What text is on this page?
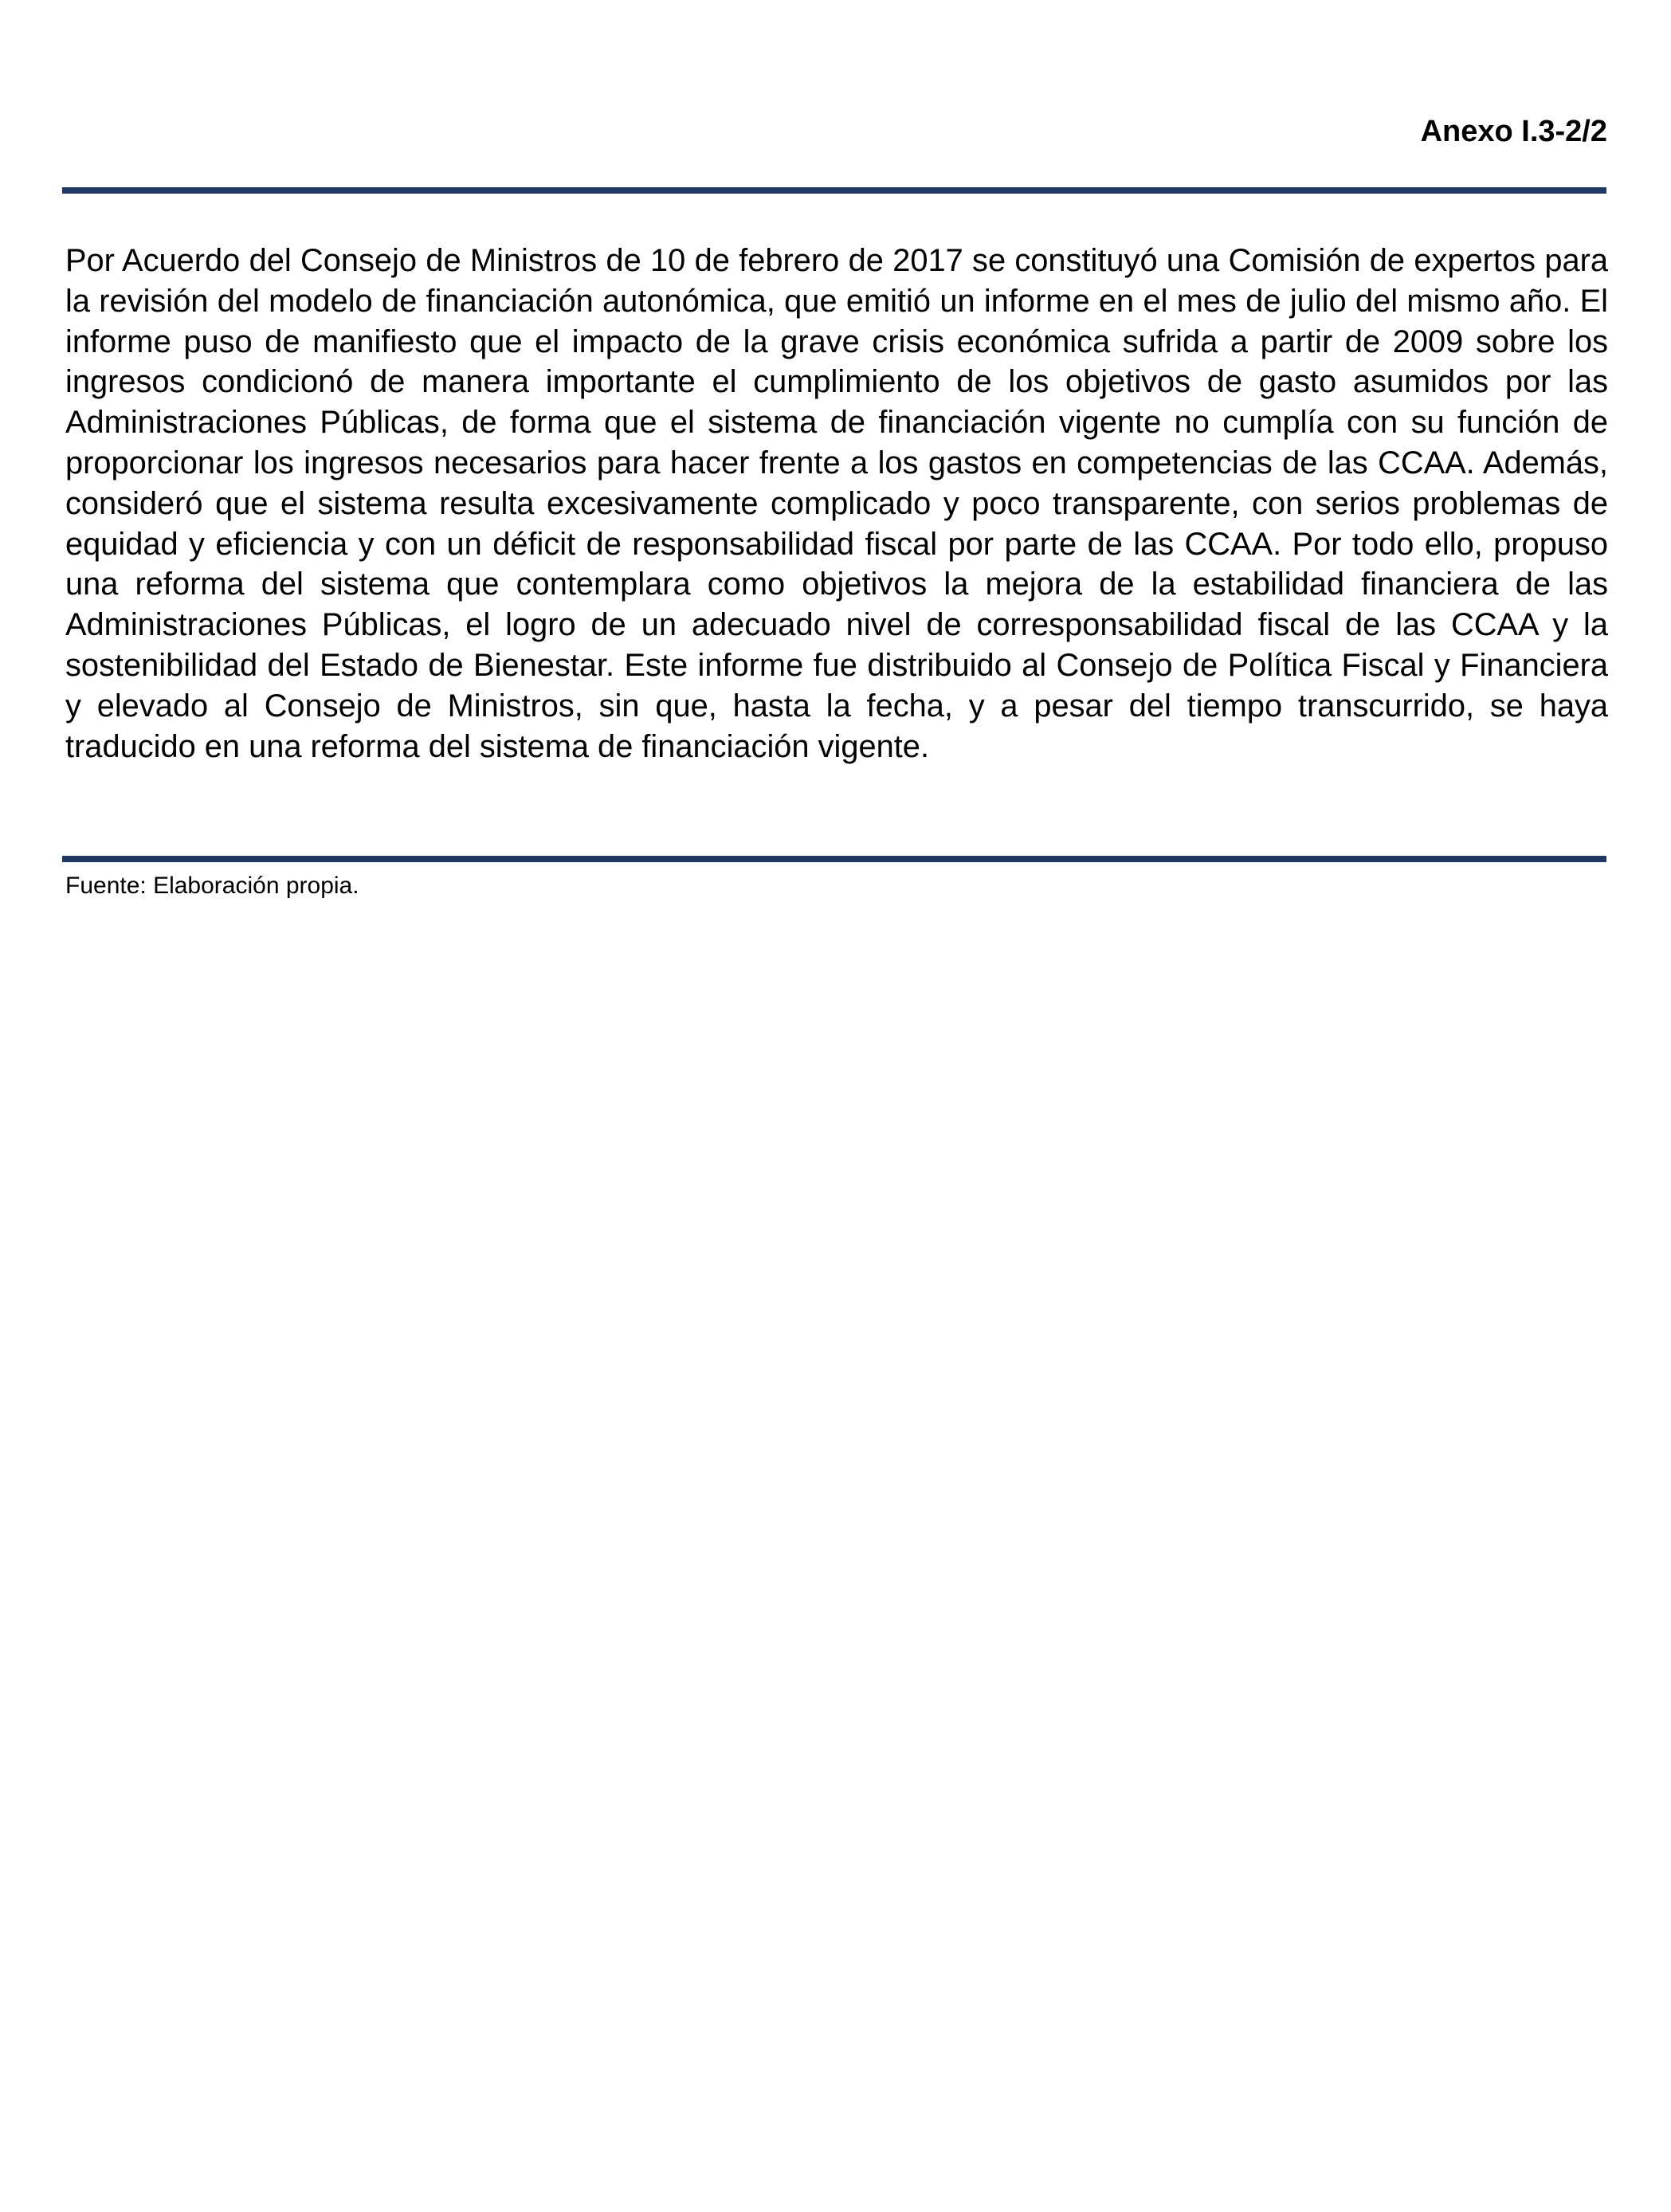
Anexo I.3-2/2

Por Acuerdo del Consejo de Ministros de 10 de febrero de 2017 se constituyó una Comisión de expertos para la revisión del modelo de financiación autonómica, que emitió un informe en el mes de julio del mismo año. El informe puso de manifiesto que el impacto de la grave crisis económica sufrida a partir de 2009 sobre los ingresos condicionó de manera importante el cumplimiento de los objetivos de gasto asumidos por las Administraciones Públicas, de forma que el sistema de financiación vigente no cumplía con su función de proporcionar los ingresos necesarios para hacer frente a los gastos en competencias de las CCAA. Además, consideró que el sistema resulta excesivamente complicado y poco transparente, con serios problemas de equidad y eficiencia y con un déficit de responsabilidad fiscal por parte de las CCAA. Por todo ello, propuso una reforma del sistema que contemplara como objetivos la mejora de la estabilidad financiera de las Administraciones Públicas, el logro de un adecuado nivel de corresponsabilidad fiscal de las CCAA y la sostenibilidad del Estado de Bienestar. Este informe fue distribuido al Consejo de Política Fiscal y Financiera y elevado al Consejo de Ministros, sin que, hasta la fecha, y a pesar del tiempo transcurrido, se haya traducido en una reforma del sistema de financiación vigente.

Fuente: Elaboración propia.
